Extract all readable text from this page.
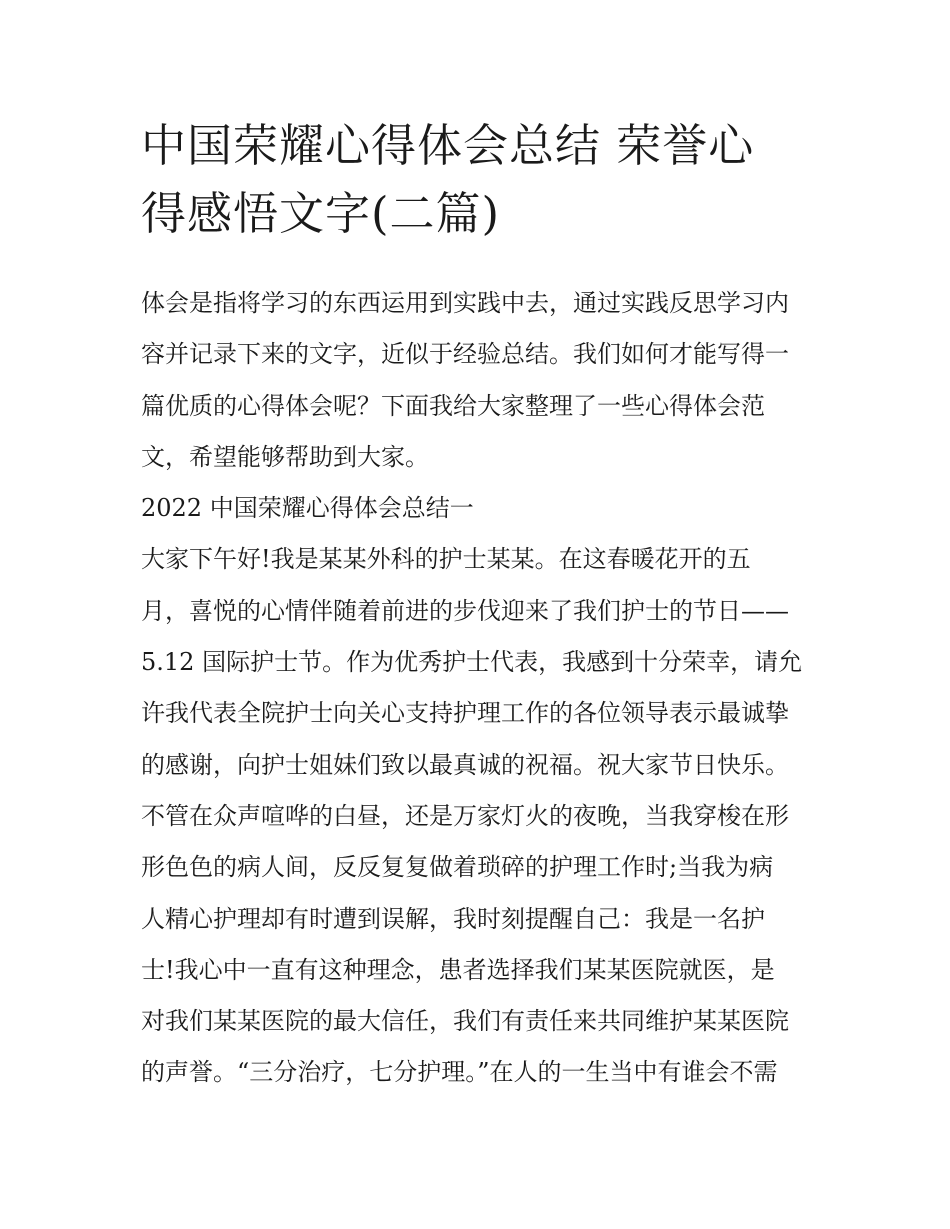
中国荣耀心得体会总结 荣誉心
得感悟文字(二篇)
体会是指将学习的东西运用到实践中去，通过实践反思学习内
容并记录下来的文字，近似于经验总结。我们如何才能写得一
篇优质的心得体会呢？下面我给大家整理了一些心得体会范
文，希望能够帮助到大家。
2022 中国荣耀心得体会总结一
大家下午好!我是某某外科的护士某某。在这春暖花开的五
月，喜悦的心情伴随着前进的步伐迎来了我们护士的节日——
5.12 国际护士节。作为优秀护士代表，我感到十分荣幸，请允
许我代表全院护士向关心支持护理工作的各位领导表示最诚挚
的感谢，向护士姐妹们致以最真诚的祝福。祝大家节日快乐。
不管在众声喧哗的白昼，还是万家灯火的夜晚，当我穿梭在形
形色色的病人间，反反复复做着琐碎的护理工作时;当我为病
人精心护理却有时遭到误解，我时刻提醒自己：我是一名护
士!我心中一直有这种理念，患者选择我们某某医院就医，是
对我们某某医院的最大信任，我们有责任来共同维护某某医院
的声誉。“三分治疗，七分护理。”在人的一生当中有谁会不需
